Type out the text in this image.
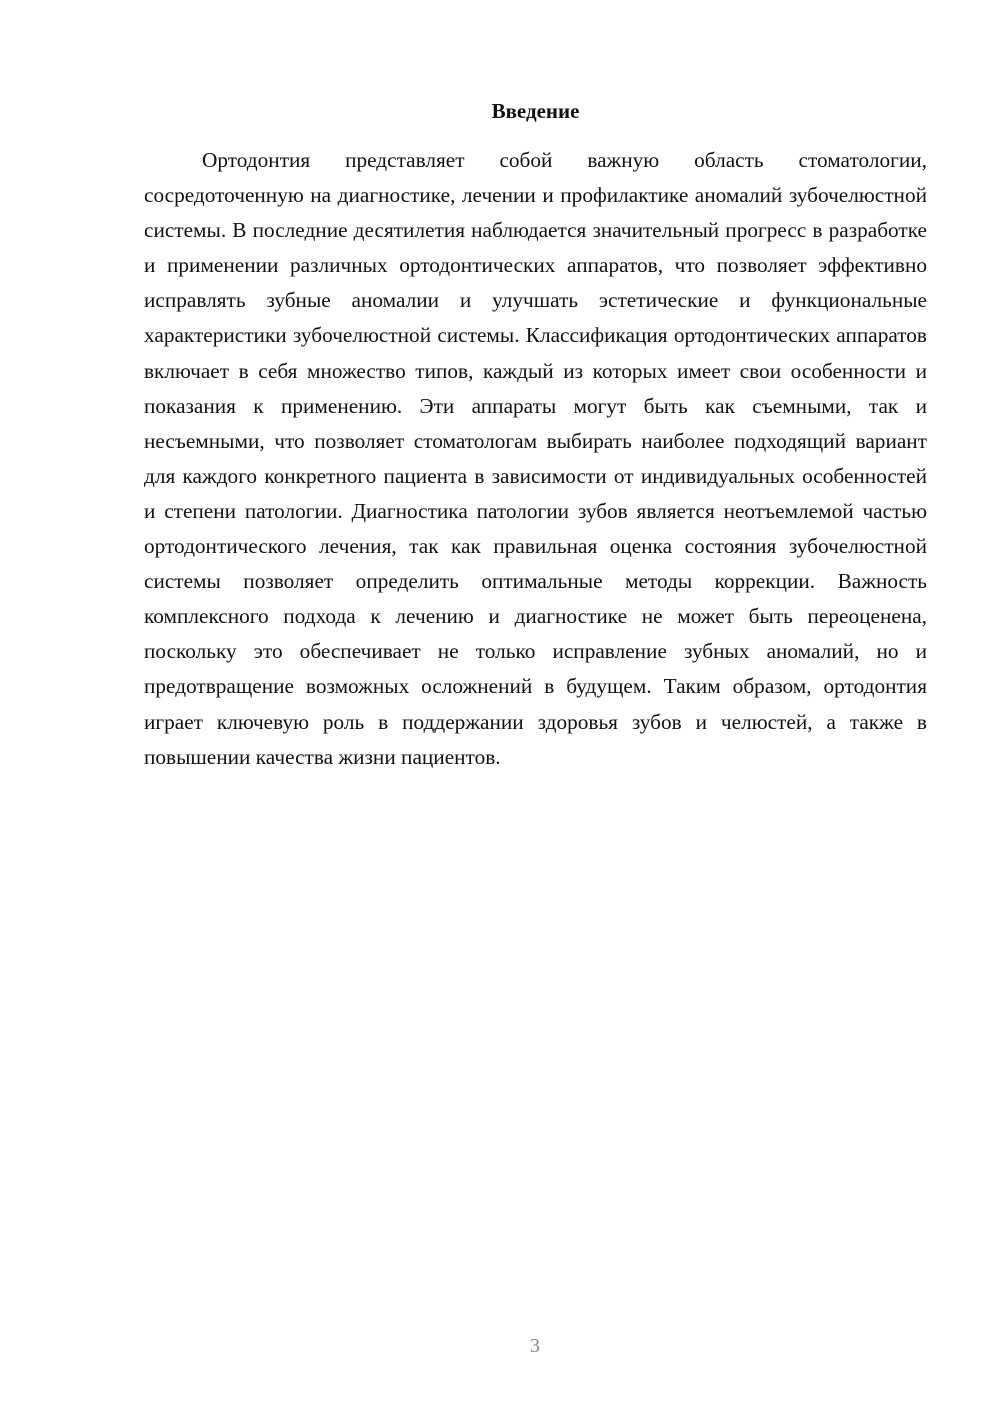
Введение

Ортодонтия представляет собой важную область стоматологии, сосредоточенную на диагностике, лечении и профилактике аномалий зубочелюстной системы. В последние десятилетия наблюдается значительный прогресс в разработке и применении различных ортодонтических аппаратов, что позволяет эффективно исправлять зубные аномалии и улучшать эстетические и функциональные характеристики зубочелюстной системы. Классификация ортодонтических аппаратов включает в себя множество типов, каждый из которых имеет свои особенности и показания к применению. Эти аппараты могут быть как съемными, так и несъемными, что позволяет стоматологам выбирать наиболее подходящий вариант для каждого конкретного пациента в зависимости от индивидуальных особенностей и степени патологии. Диагностика патологии зубов является неотъемлемой частью ортодонтического лечения, так как правильная оценка состояния зубочелюстной системы позволяет определить оптимальные методы коррекции. Важность комплексного подхода к лечению и диагностике не может быть переоценена, поскольку это обеспечивает не только исправление зубных аномалий, но и предотвращение возможных осложнений в будущем. Таким образом, ортодонтия играет ключевую роль в поддержании здоровья зубов и челюстей, а также в повышении качества жизни пациентов.

3
